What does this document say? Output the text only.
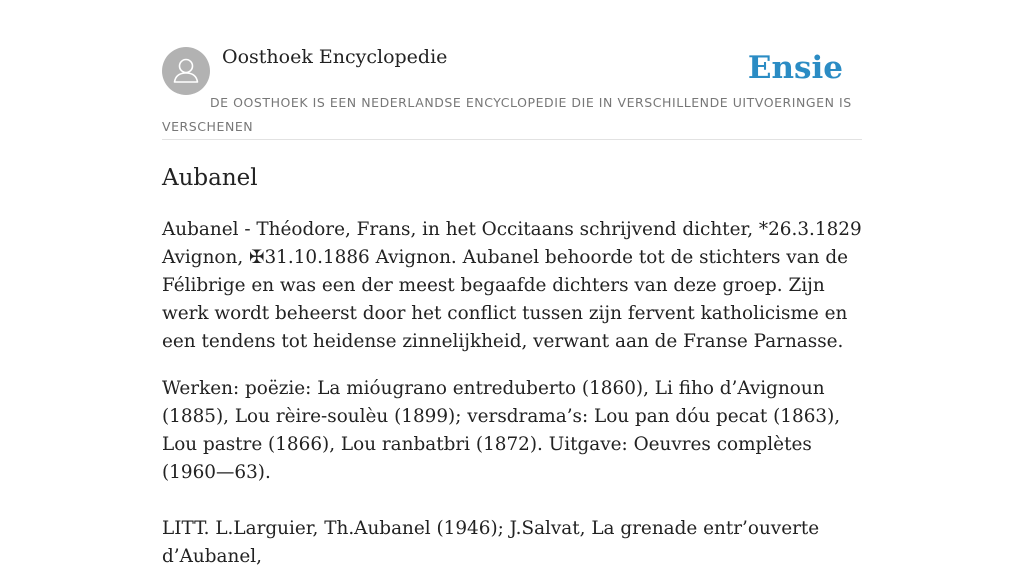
Oosthoek Encyclopedie	Ensie
DE OOSTHOEK IS EEN NEDERLANDSE ENCYCLOPEDIE DIE IN VERSCHILLENDE UITVOERINGEN IS VERSCHENEN
Aubanel

Aubanel - Théodore, Frans, in het Occitaans schrijvend dichter, *26.3.1829 Avignon, ✠31.10.1886 Avignon. Aubanel behoorde tot de stichters van de Félibrige en was een der meest begaafde dichters van deze groep. Zijn werk wordt beheerst door het conflict tussen zijn fervent katholicisme en een tendens tot heidense zinnelijkheid, verwant aan de Franse Parnasse.

Werken: poëzie: La mióugrano entreduberto (1860), Li fiho d’Avignoun (1885), Lou rèire-soulèu (1899); versdrama’s: Lou pan dóu pecat (1863), Lou pastre (1866), Lou ranbatbri (1872). Uitgave: Oeuvres complètes (1960—63).

LITT. L.Larguier, Th.Aubanel (1946); J.Salvat, La grenade entr’ouverte d’Aubanel,
